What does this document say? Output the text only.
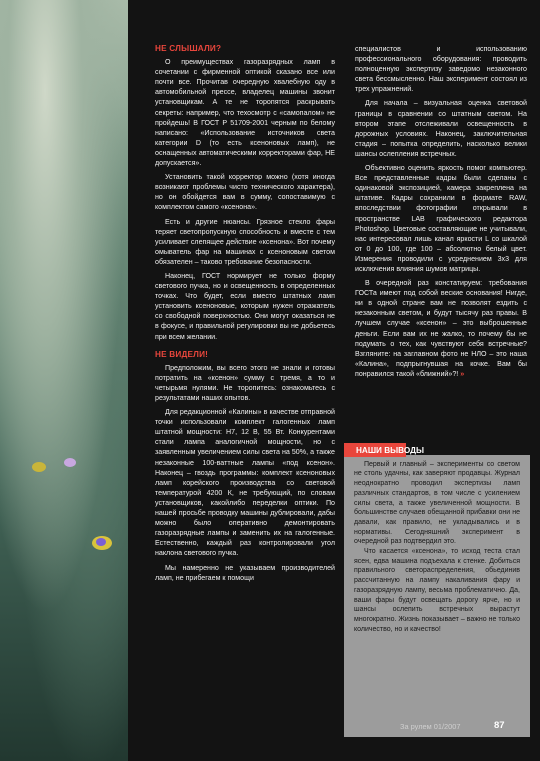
НЕ СЛЫШАЛИ?

О преимуществах газоразрядных ламп в сочетании с фирменной оптикой сказано все или почти все. Прочитав очередную хвалебную оду в автомобильной прессе, владелец машины звонит установщикам. А те не торопятся раскрывать секреты: например, что техосмотр с «самопалом» не пройдешь! В ГОСТ Р 51709-2001 черным по белому написано: «Использование источников света категории D (то есть ксеноновых ламп), не оснащенных автоматическими корректорами фар, НЕ допускается».

Установить такой корректор можно (хотя иногда возникают проблемы чисто технического характера), но он обойдется вам в сумму, сопоставимую с комплектом самого «ксенона».

Есть и другие нюансы. Грязное стекло фары теряет светопропускную способность и вместе с тем усиливает слепящее действие «ксенона». Вот почему омыватель фар на машинах с ксеноновым светом обязателен – таково требование безопасности.

Наконец, ГОСТ нормирует не только форму светового пучка, но и освещенность в определенных точках. Что будет, если вместо штатных ламп установить ксеноновые, которым нужен отражатель со свободной поверхностью. Они могут оказаться не в фокусе, и правильной регулировки вы не добьетесь при всем желании.

НЕ ВИДЕЛИ!

Предположим, вы всего этого не знали и готовы потратить на «ксенон» сумму с тремя, а то и четырьмя нулями. Не торопитесь: ознакомьтесь с результатами наших опытов.

Для редакционной «Калины» в качестве отправной точки использовали комплект галогенных ламп штатной мощности: Н7, 12 В, 55 Вт. Конкурентами стали лампа аналогичной мощности, но с заявленным увеличением силы света на 50%, а также незаконные 100-ваттные лампы «под ксенон». Наконец – гвоздь программы: комплект ксеноновых ламп корейского производства со световой температурой 4200 К, не требующий, по словам установщиков, какойлибо переделки оптики. По нашей просьбе проводку машины дублировали, дабы можно было оперативно демонтировать газоразрядные лампы и заменить их на галогенные. Естественно, каждый раз контролировали угол наклона светового пучка.

Мы намеренно не указываем производителей ламп, не прибегаем к помощи

специалистов и использованию профессионального оборудования: проводить полноценную экспертизу заведомо незаконного света бессмысленно. Наш эксперимент состоял из трех упражнений.

Для начала – визуальная оценка световой границы в сравнении со штатным светом. На втором этапе отслеживали освещенность в дорожных условиях. Наконец, заключительная стадия – попытка определить, насколько велики шансы ослепления встречных.

Объективно оценить яркость помог компьютер. Все представленные кадры были сделаны с одинаковой экспозицией, камера закреплена на штативе. Кадры сохранили в формате RAW, впоследствии фотографии открывали в пространстве LAB графического редактора Photoshop. Цветовые составляющие не учитывали, нас интересовал лишь канал яркости L со шкалой от 0 до 100, где 100 – абсолютно белый цвет. Измерения проводили с усреднением 3x3 для исключения влияния шумов матрицы.

В очередной раз констатируем: требования ГОСТа имеют под собой веские основания! Нигде, ни в одной стране вам не позволят ездить с незаконным светом, и будут тысячу раз правы. В лучшем случае «ксенон» – это выброшенные деньги. Если вам их не жалко, то почему бы не подумать о тех, как чувствуют себя встречные? Взгляните: на заглавном фото не НЛО – это наша «Калина», подпрыгнувшая на кочке. Вам бы понравился такой «ближний»?! »

НАШИ ВЫВОДЫ

Первый и главный – эксперименты со светом не столь удачны, как заверяют продавцы. Журнал неоднократно проводил экспертизы ламп различных стандартов, в том числе с усилением силы света, а также увеличенной мощности. В большинстве случаев обещанной прибавки они не давали, как правило, не укладывались и в нормативы. Сегодняшний эксперимент в очередной раз подтвердил это.

Что касается «ксенона», то исход теста стал ясен, едва машина подъехала к стенке. Добиться правильного светораспределения, обьединив рассчитанную на лампу накаливания фару и газоразрядную лампу, весьма проблематично. Да, ваши фары будут освещать дорогу ярче, но и шансы ослепить встречных вырастут многократно. Жизнь показывает – важно не только количество, но и качество!

За рулем 01/2007	87
